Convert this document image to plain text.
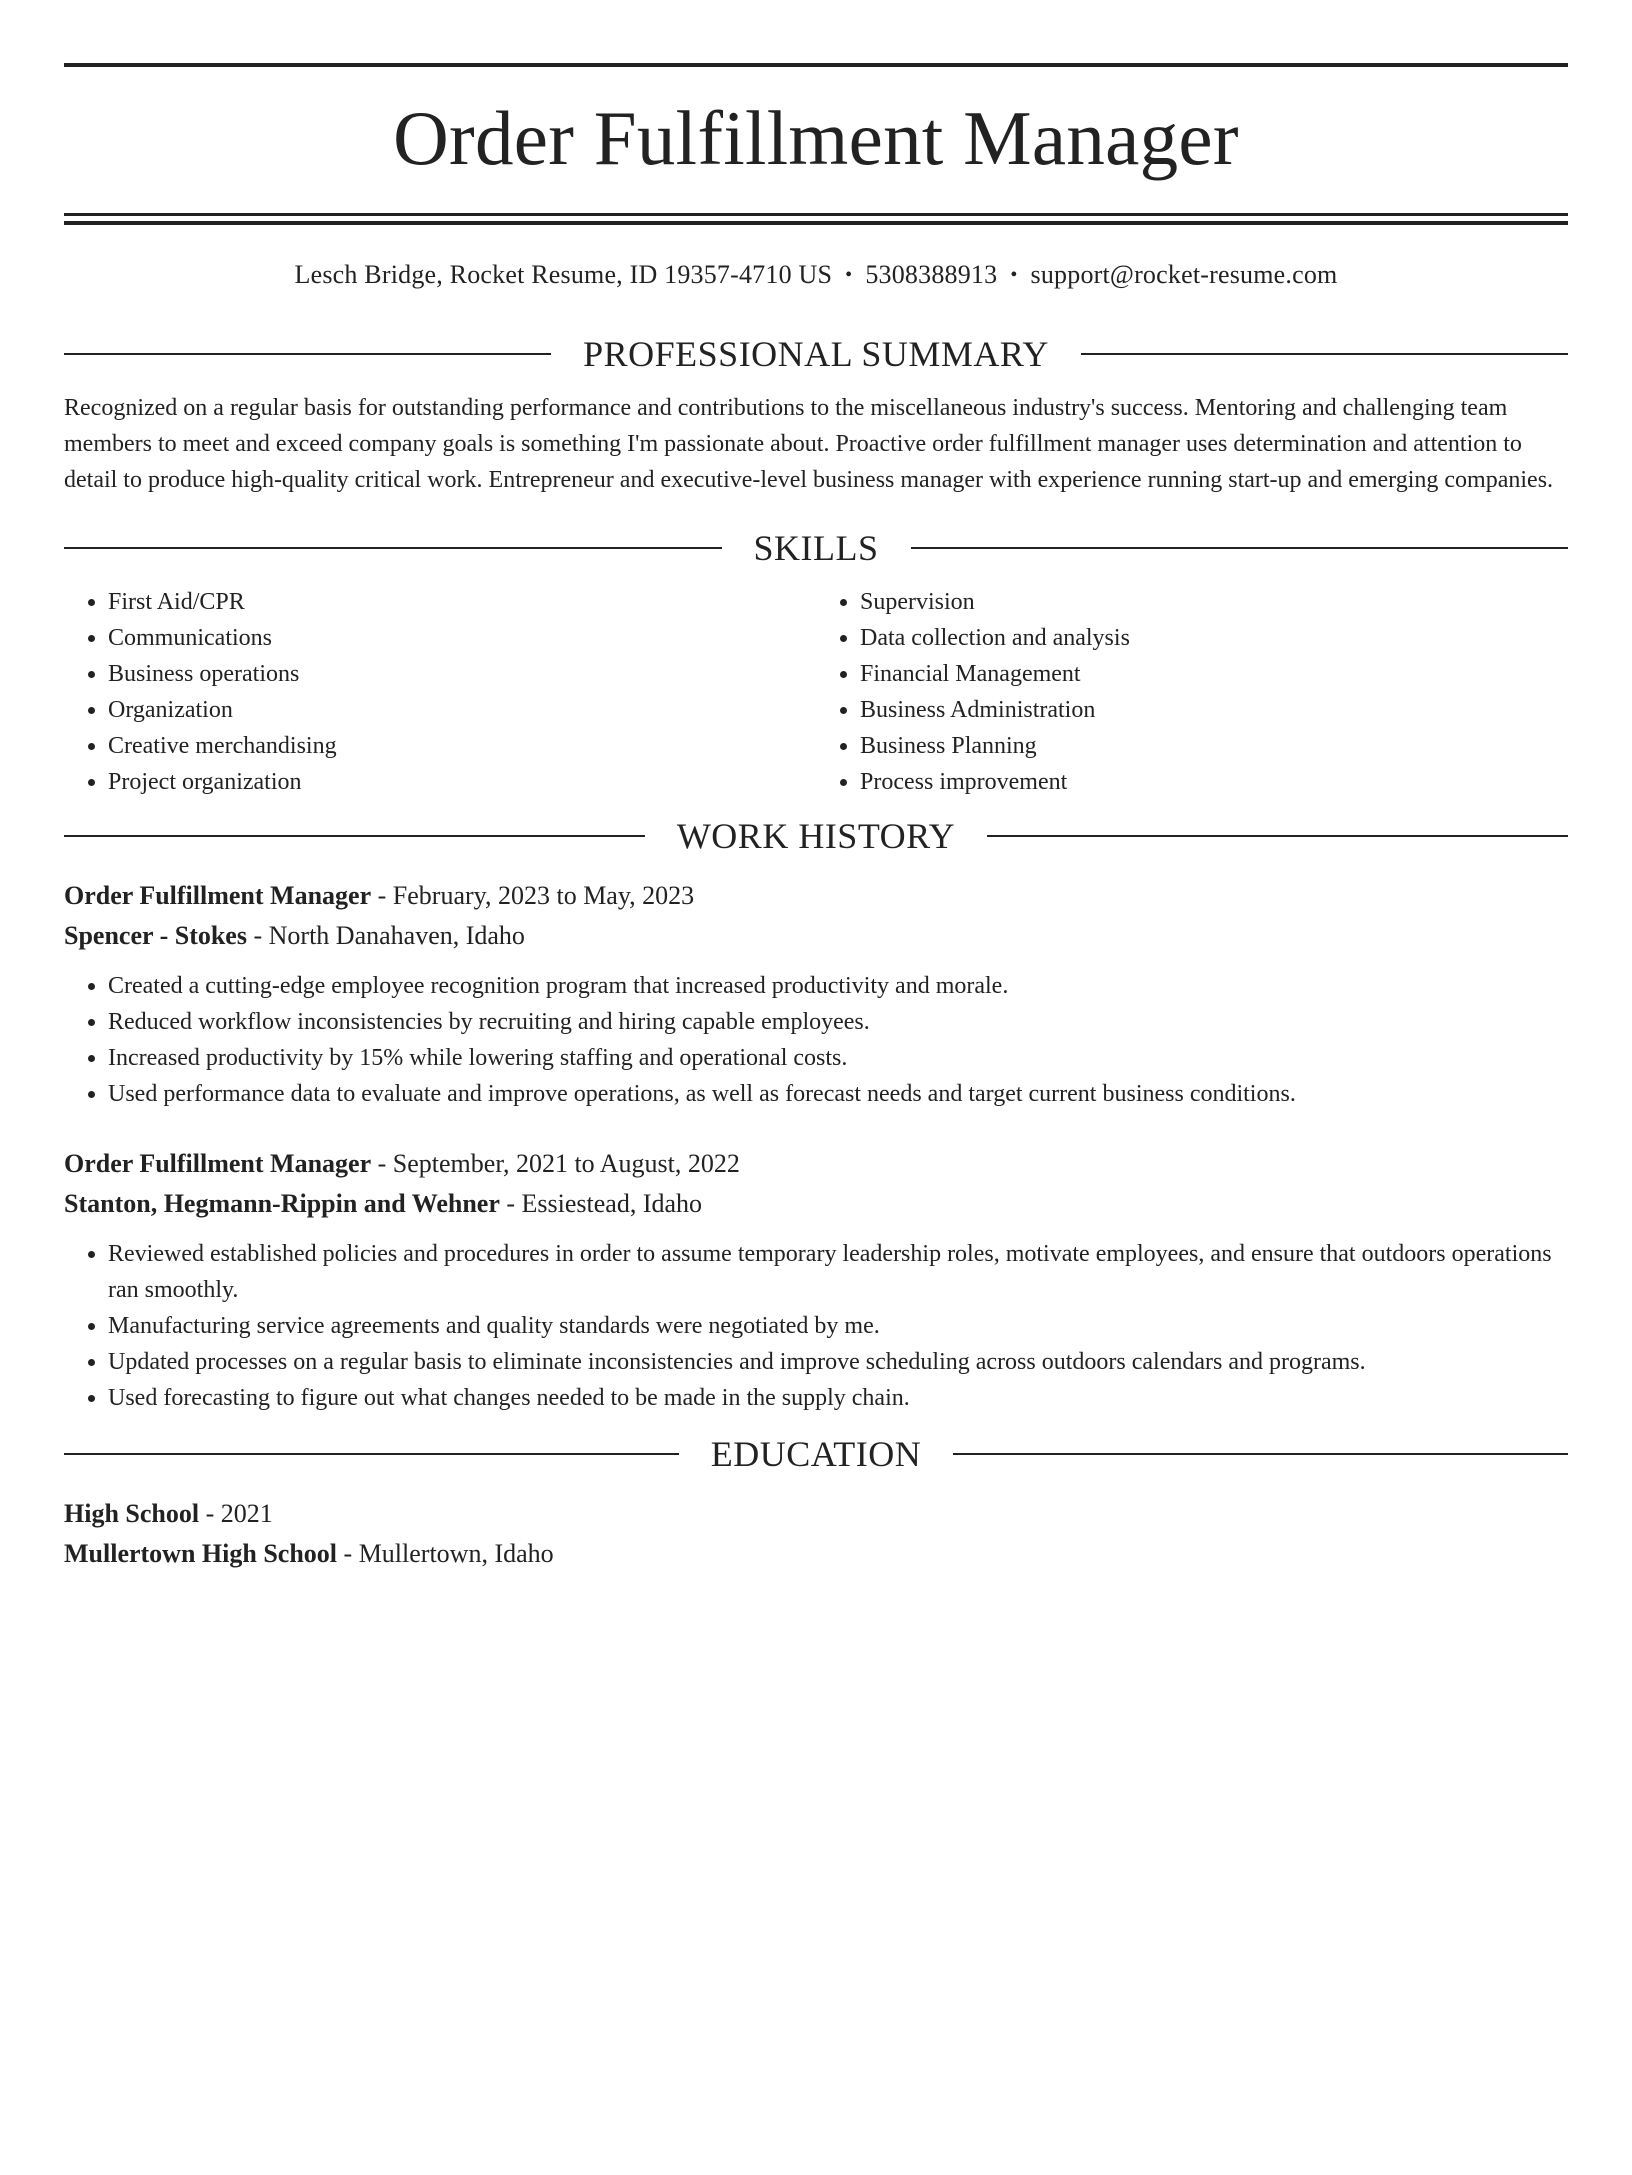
Order Fulfillment Manager
Lesch Bridge, Rocket Resume, ID 19357-4710 US • 5308388913 • support@rocket-resume.com
PROFESSIONAL SUMMARY
Recognized on a regular basis for outstanding performance and contributions to the miscellaneous industry's success. Mentoring and challenging team members to meet and exceed company goals is something I'm passionate about. Proactive order fulfillment manager uses determination and attention to detail to produce high-quality critical work. Entrepreneur and executive-level business manager with experience running start-up and emerging companies.
SKILLS
• First Aid/CPR
• Communications
• Business operations
• Organization
• Creative merchandising
• Project organization
• Supervision
• Data collection and analysis
• Financial Management
• Business Administration
• Business Planning
• Process improvement
WORK HISTORY
Order Fulfillment Manager - February, 2023 to May, 2023
Spencer - Stokes - North Danahaven, Idaho
• Created a cutting-edge employee recognition program that increased productivity and morale.
• Reduced workflow inconsistencies by recruiting and hiring capable employees.
• Increased productivity by 15% while lowering staffing and operational costs.
• Used performance data to evaluate and improve operations, as well as forecast needs and target current business conditions.
Order Fulfillment Manager - September, 2021 to August, 2022
Stanton, Hegmann-Rippin and Wehner - Essiestead, Idaho
• Reviewed established policies and procedures in order to assume temporary leadership roles, motivate employees, and ensure that outdoors operations ran smoothly.
• Manufacturing service agreements and quality standards were negotiated by me.
• Updated processes on a regular basis to eliminate inconsistencies and improve scheduling across outdoors calendars and programs.
• Used forecasting to figure out what changes needed to be made in the supply chain.
EDUCATION
High School - 2021
Mullertown High School - Mullertown, Idaho
